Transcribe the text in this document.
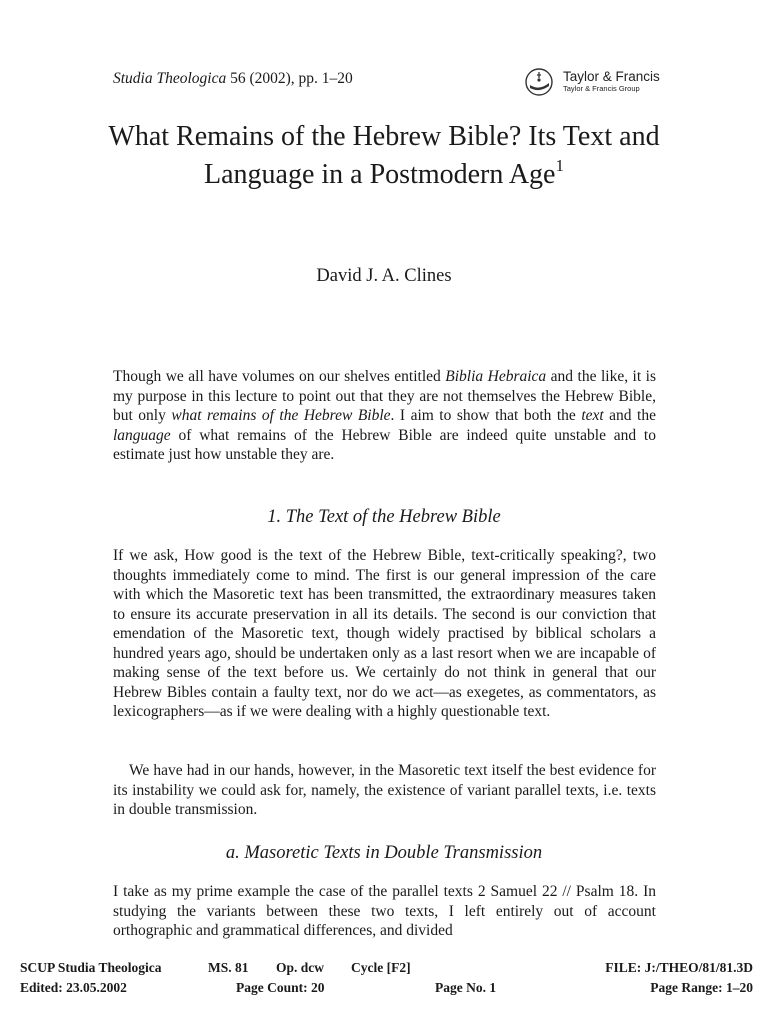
Studia Theologica 56 (2002), pp. 1–20	Taylor & Francis
Taylor & Francis Group
What Remains of the Hebrew Bible? Its Text and Language in a Postmodern Age$^1$
David J. A. Clines

Though we all have volumes on our shelves entitled Biblia Hebraica and the like, it is my purpose in this lecture to point out that they are not themselves the Hebrew Bible, but only what remains of the Hebrew Bible. I aim to show that both the text and the language of what remains of the Hebrew Bible are indeed quite unstable and to estimate just how unstable they are.

1. The Text of the Hebrew Bible

If we ask, How good is the text of the Hebrew Bible, text-critically speaking?, two thoughts immediately come to mind. The first is our general impression of the care with which the Masoretic text has been transmitted, the extraordinary measures taken to ensure its accurate preservation in all its details. The second is our conviction that emendation of the Masoretic text, though widely practised by biblical scholars a hundred years ago, should be undertaken only as a last resort when we are incapable of making sense of the text before us. We certainly do not think in general that our Hebrew Bibles contain a faulty text, nor do we act—as exegetes, as commentators, as lexicographers—as if we were dealing with a highly questionable text.

We have had in our hands, however, in the Masoretic text itself the best evidence for its instability we could ask for, namely, the existence of variant parallel texts, i.e. texts in double transmission.

a. Masoretic Texts in Double Transmission

I take as my prime example the case of the parallel texts 2 Samuel 22 // Psalm 18. In studying the variants between these two texts, I left entirely out of account orthographic and grammatical differences, and divided

SCUP Studia Theologica	MS. 81 Op. dcw Cycle [F2]	FILE: J:/THEO/81/81.3D
Edited: 23.05.2002	Page Count: 20	Page No. 1	Page Range: 1–20
